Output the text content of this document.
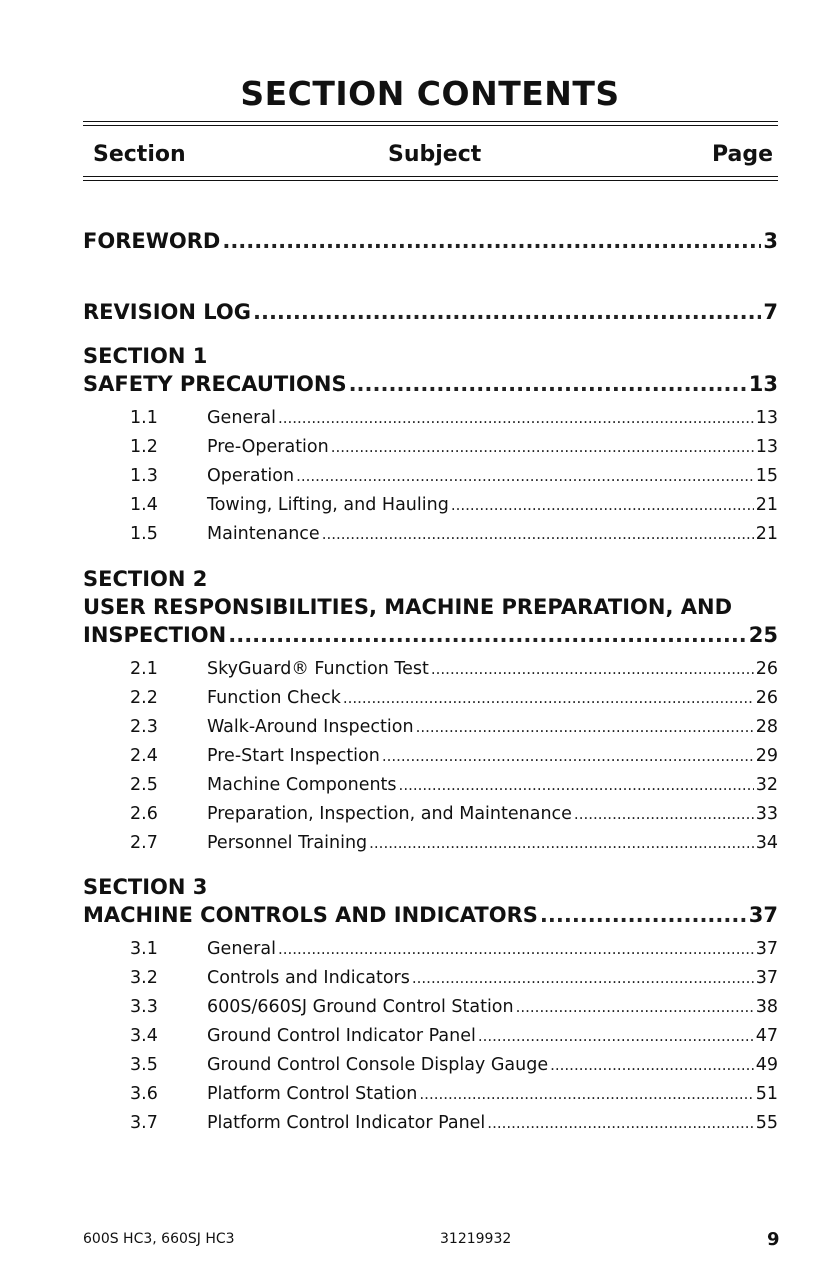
SECTION CONTENTS
Section	Subject	Page
FOREWORD .....	3
REVISION LOG .....	7
SECTION 1
SAFETY PRECAUTIONS .....	13
1.1	General .....	13
1.2	Pre-Operation .....	13
1.3	Operation .....	15
1.4	Towing, Lifting, and Hauling .....	21
1.5	Maintenance .....	21
SECTION 2
USER RESPONSIBILITIES, MACHINE PREPARATION, AND
INSPECTION .....	25
2.1	SkyGuard® Function Test .....	26
2.2	Function Check .....	26
2.3	Walk-Around Inspection .....	28
2.4	Pre-Start Inspection .....	29
2.5	Machine Components .....	32
2.6	Preparation, Inspection, and Maintenance .....	33
2.7	Personnel Training .....	34
SECTION 3
MACHINE CONTROLS AND INDICATORS .....	37
3.1	General .....	37
3.2	Controls and Indicators .....	37
3.3	600S/660SJ Ground Control Station .....	38
3.4	Ground Control Indicator Panel .....	47
3.5	Ground Control Console Display Gauge .....	49
3.6	Platform Control Station .....	51
3.7	Platform Control Indicator Panel .....	55
600S HC3, 660SJ HC3	31219932	9
